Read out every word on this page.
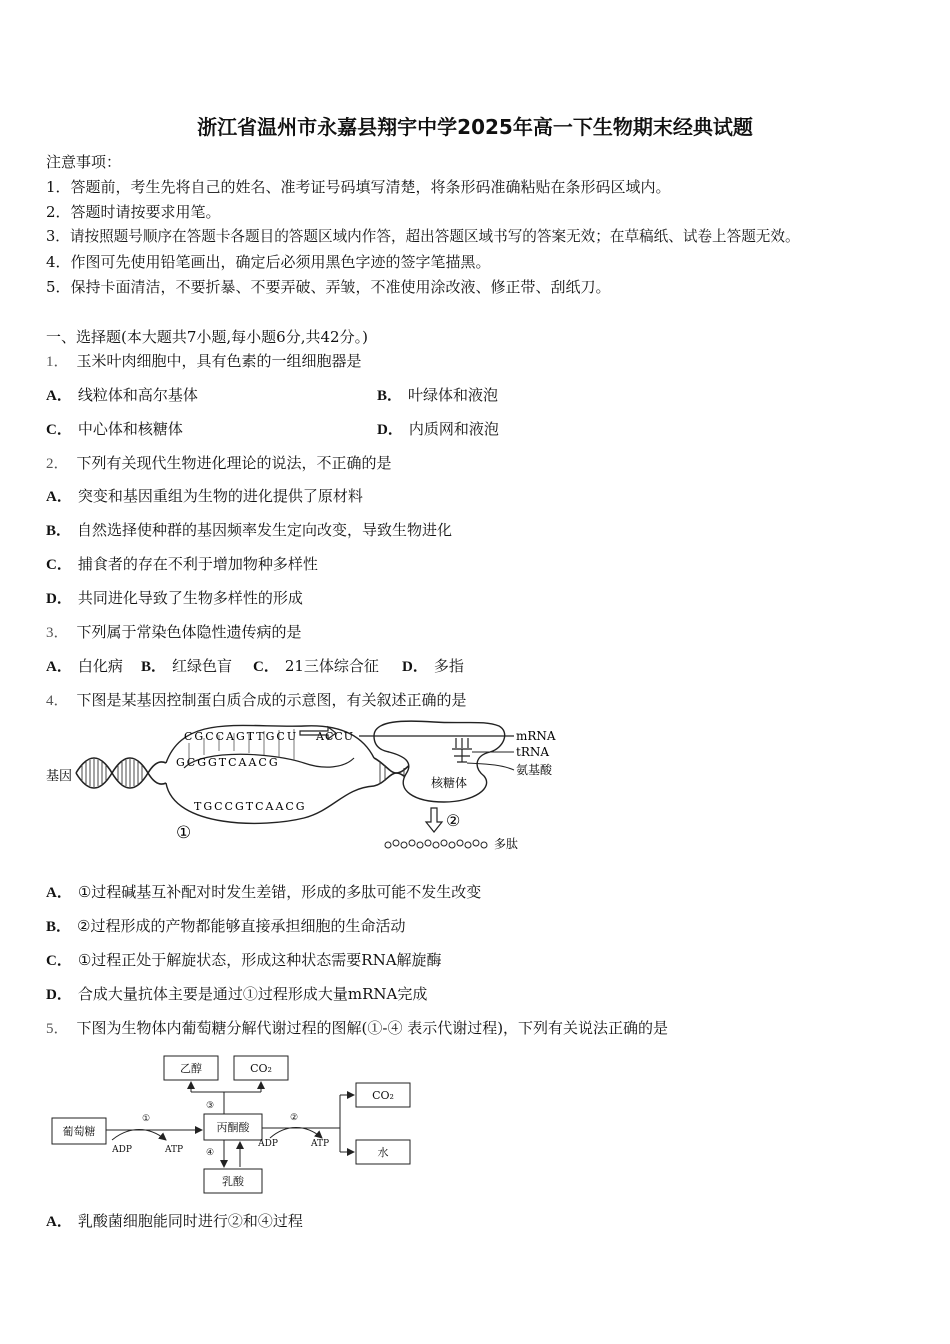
浙江省温州市永嘉县翔宇中学2025年高一下生物期末经典试题
注意事项：
1．答题前，考生先将自己的姓名、准考证号码填写清楚，将条形码准确粘贴在条形码区域内。
2．答题时请按要求用笔。
3．请按照题号顺序在答题卡各题目的答题区域内作答，超出答题区域书写的答案无效；在草稿纸、试卷上答题无效。
4．作图可先使用铅笔画出，确定后必须用黑色字迹的签字笔描黑。
5．保持卡面清洁，不要折暴、不要弄破、弄皱，不准使用涂改液、修正带、刮纸刀。
一、选择题(本大题共7小题,每小题6分,共42分。)
1． 玉米叶肉细胞中，具有色素的一组细胞器是
A． 线粒体和高尔基体	B． 叶绿体和液泡
C． 中心体和核糖体	D． 内质网和液泡
2． 下列有关现代生物进化理论的说法，不正确的是
A． 突变和基因重组为生物的进化提供了原材料
B． 自然选择使种群的基因频率发生定向改变，导致生物进化
C． 捕食者的存在不利于增加物种多样性
D． 共同进化导致了生物多样性的形成
3． 下列属于常染色体隐性遗传病的是
A． 白化病 B． 红绿色盲 C． 21三体综合征 D． 多指
4． 下图是某基因控制蛋白质合成的示意图，有关叙述正确的是
基因
CGCCAGTTGCU
GCGGTCAACG
TGCCGTCAACG
ACCU
①
核糖体
mRNA
tRNA
氨基酸
②
多肽
A． ①过程碱基互补配对时发生差错，形成的多肽可能不发生改变
B． ②过程形成的产物都能够直接承担细胞的生命活动
C． ①过程正处于解旋状态，形成这种状态需要RNA解旋酶
D． 合成大量抗体主要是通过①过程形成大量mRNA完成
5． 下图为生物体内葡萄糖分解代谢过程的图解(①-④ 表示代谢过程)，下列有关说法正确的是
葡萄糖	丙酮酸
乙醇	CO₂
CO₂
水
乳酸
①
ADP	ATP
③
②
ADP	ATP
④
A． 乳酸菌细胞能同时进行②和④过程
